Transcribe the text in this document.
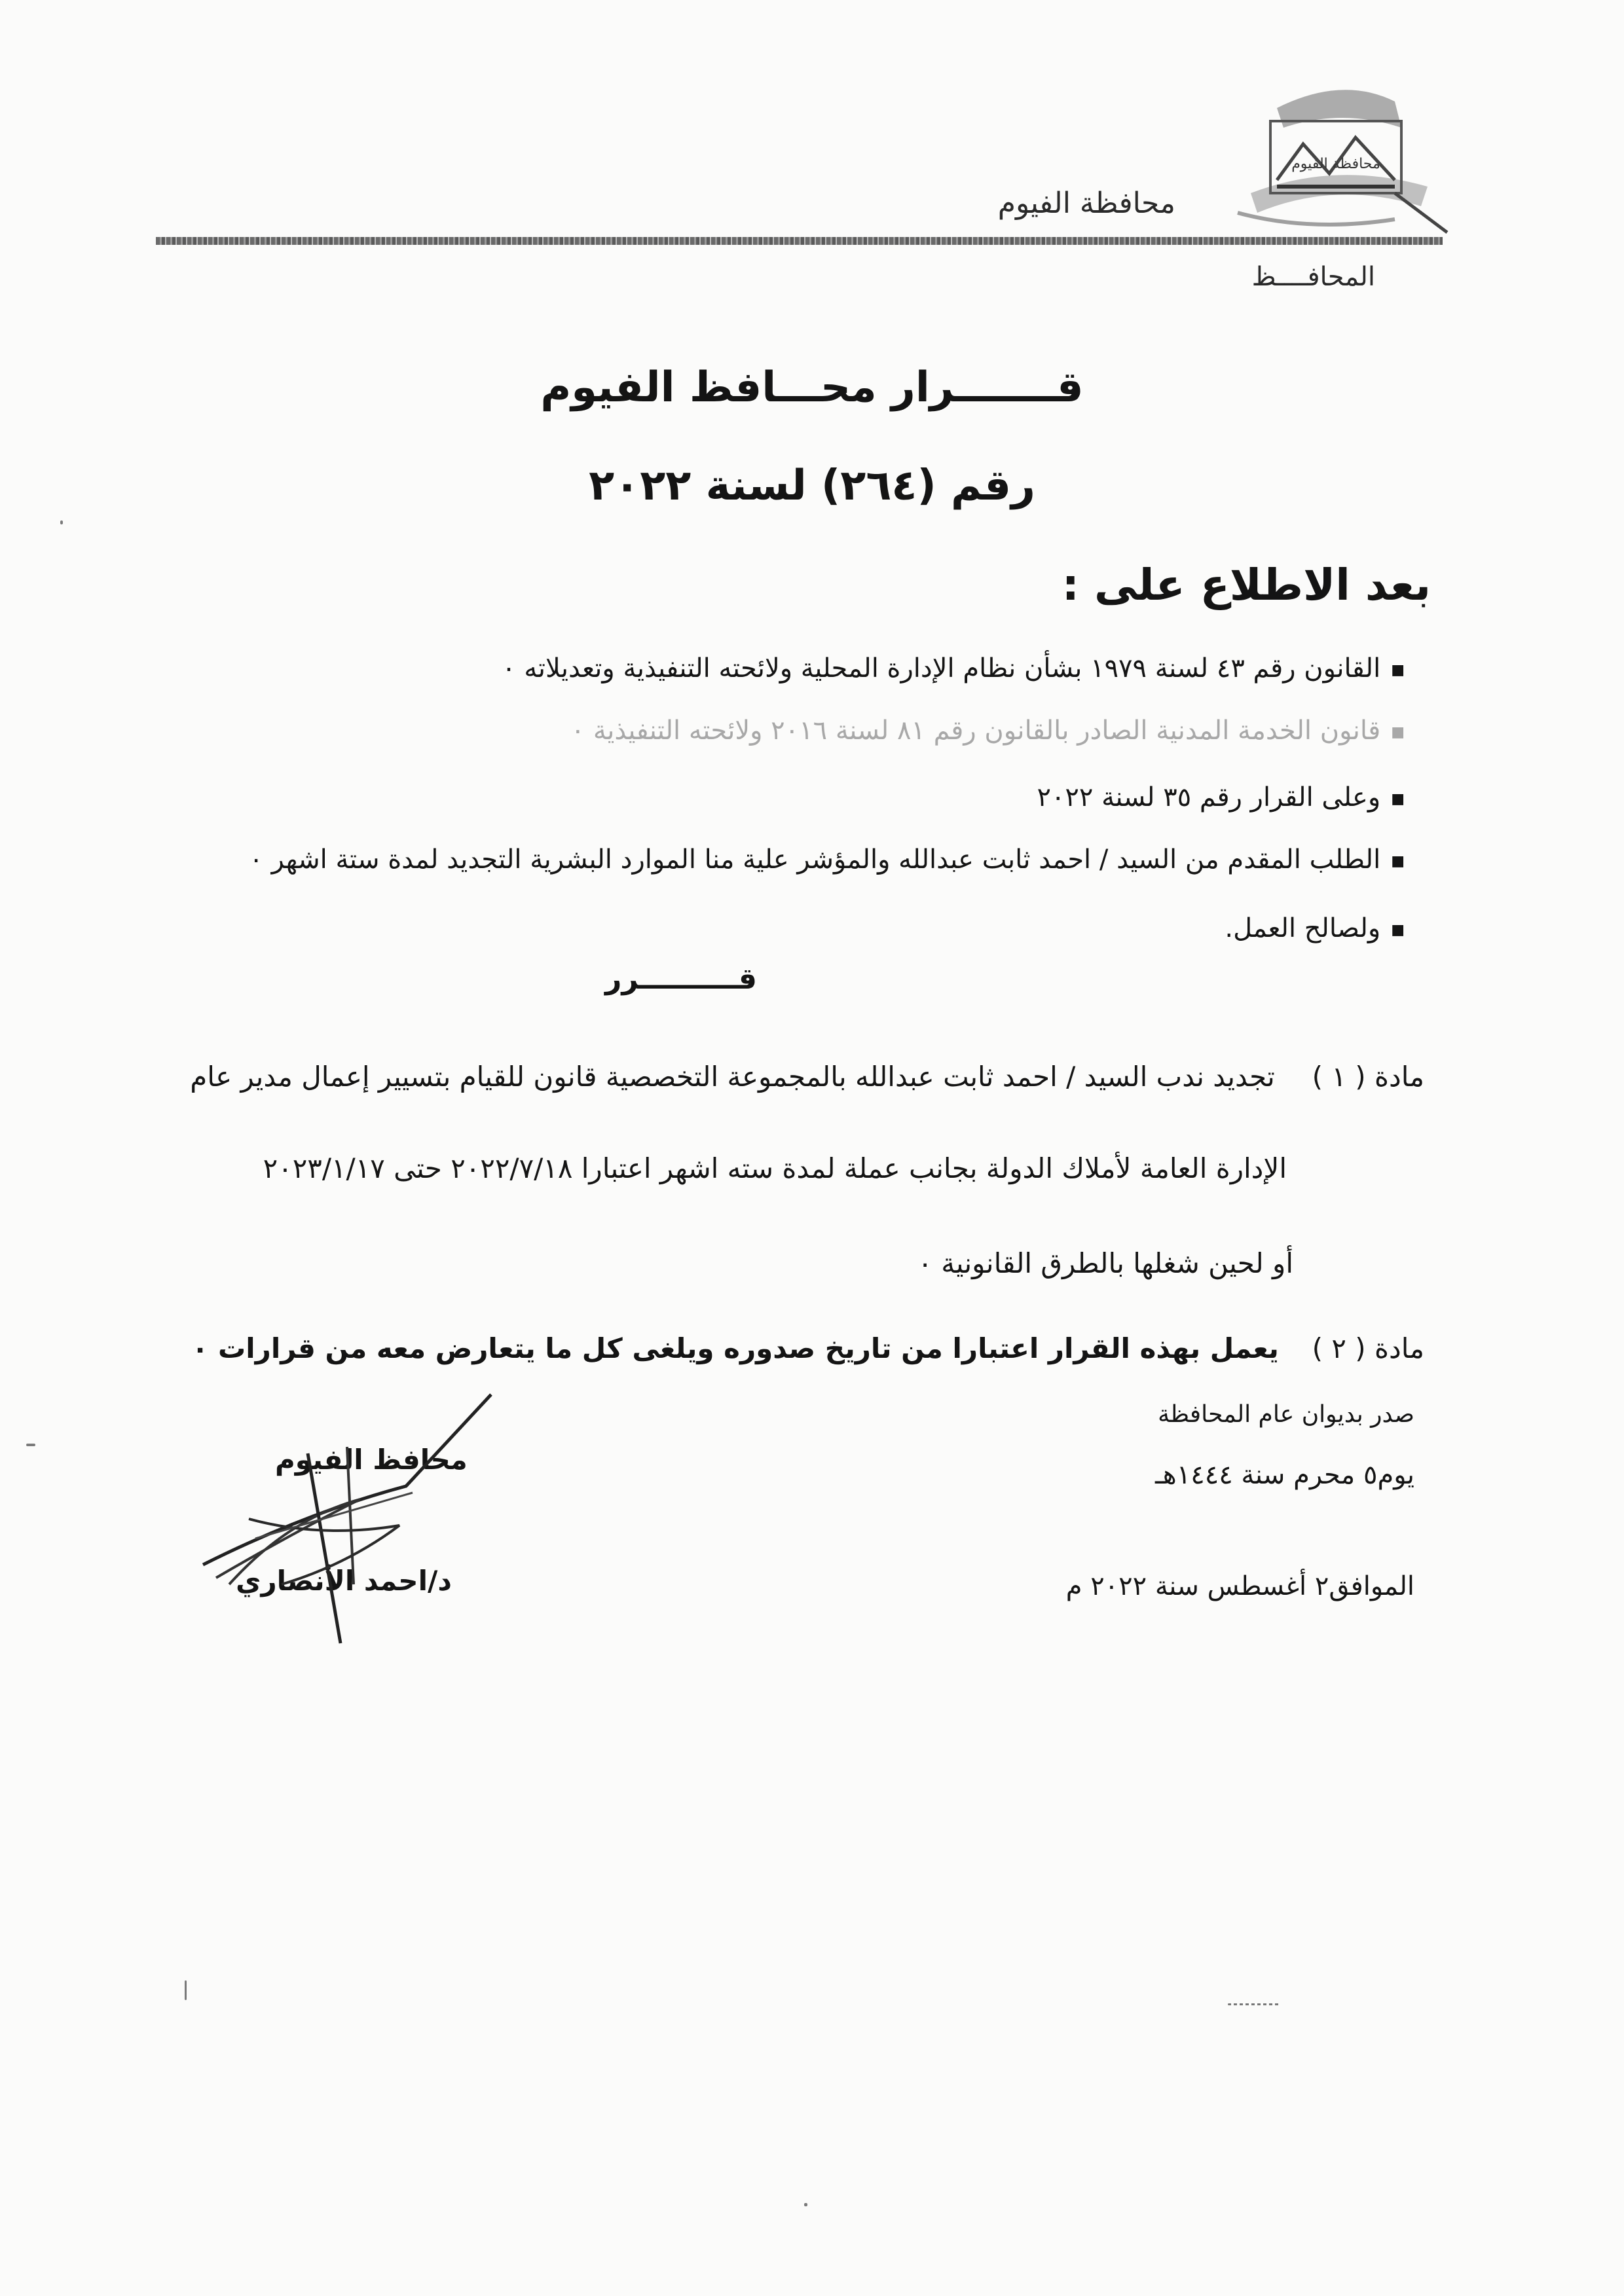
محافظة الفيوم
محافظة الفيوم
المحافــــظ
قـــــــرار محـــافظ الفيوم
رقم (٢٦٤) لسنة ٢٠٢٢
بعد الاطلاع على :
■القانون رقم ٤٣ لسنة ١٩٧٩ بشأن نظام الإدارة المحلية ولائحته التنفيذية وتعديلاته ٠
■قانون الخدمة المدنية الصادر بالقانون رقم ٨١ لسنة ٢٠١٦ ولائحته التنفيذية ٠
■وعلى القرار رقم ٣٥ لسنة ٢٠٢٢
■الطلب المقدم من السيد / احمد ثابت عبدالله والمؤشر علية منا الموارد البشرية التجديد لمدة ستة اشهر ٠
■ولصالح العمل.
قــــــــــرر
مادة ( ١ )  تجديد ندب السيد / احمد ثابت عبدالله بالمجموعة التخصصية قانون للقيام بتسيير إعمال مدير عام
الإدارة العامة لأملاك الدولة بجانب عملة لمدة سته اشهر اعتبارا ٢٠٢٢/٧/١٨ حتى ٢٠٢٣/١/١٧
أو لحين شغلها بالطرق القانونية ٠
مادة ( ٢ )  يعمل بهذه القرار اعتبارا من تاريخ صدوره ويلغى كل ما يتعارض معه من قرارات ٠
صدر بديوان عام المحافظة
يوم٥ محرم سنة ١٤٤٤هـ
الموافق٢ أغسطس سنة ٢٠٢٢ م
محافظ الفيوم
د/احمد الأنصاري
